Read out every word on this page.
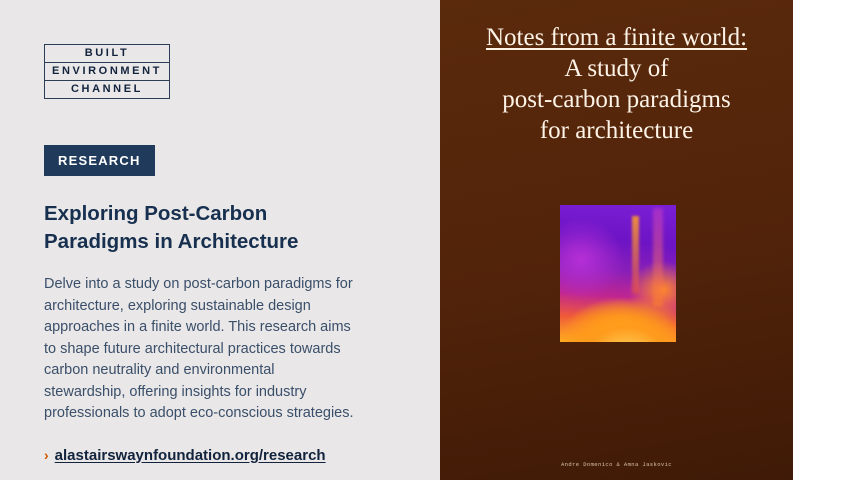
BUILT
ENVIRONMENT
CHANNEL
RESEARCH
Exploring Post-Carbon Paradigms in Architecture

Delve into a study on post-carbon paradigms for architecture, exploring sustainable design approaches in a finite world. This research aims to shape future architectural practices towards carbon neutrality and environmental stewardship, offering insights for industry professionals to adopt eco-conscious strategies.

› alastairswaynfoundation.org/research
Notes from a finite world:
A study of
post-carbon paradigms
for architecture
Andre Domenico & Amna Jaskovic
